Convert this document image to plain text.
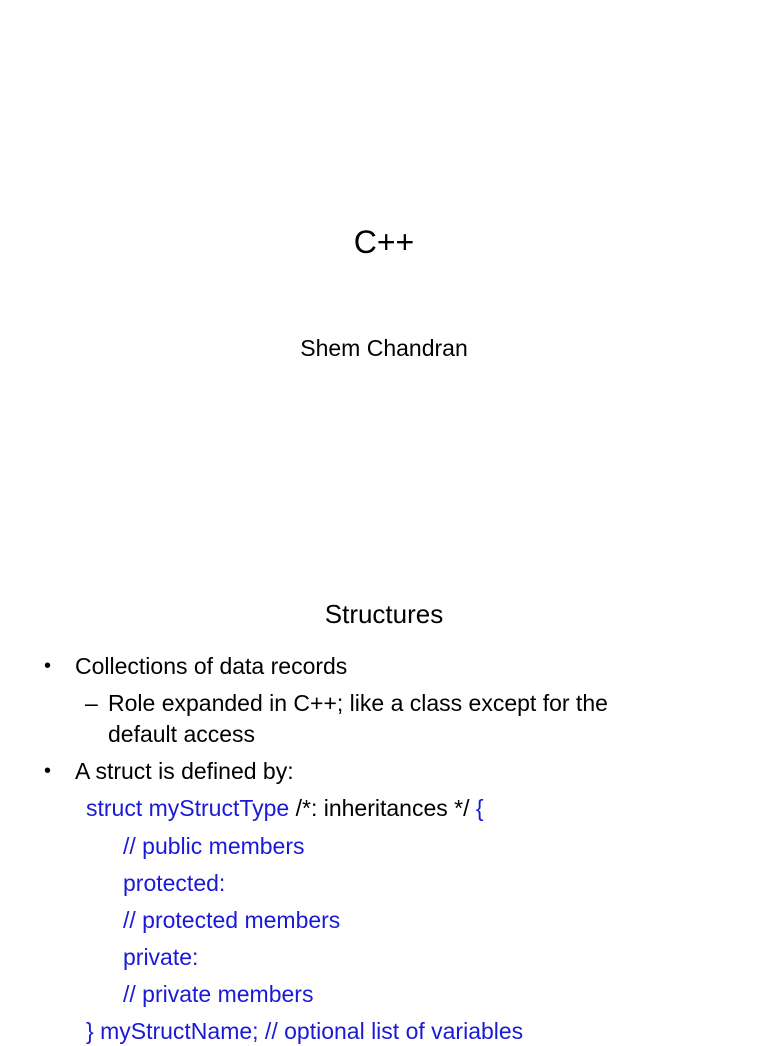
C++
Shem Chandran
Structures
• Collections of data records
– Role expanded in C++; like a class except for the
default access
• A struct is defined by:
struct myStructType /*: inheritances */ {
// public members
protected:
// protected members
private:
// private members
} myStructName; // optional list of variables
